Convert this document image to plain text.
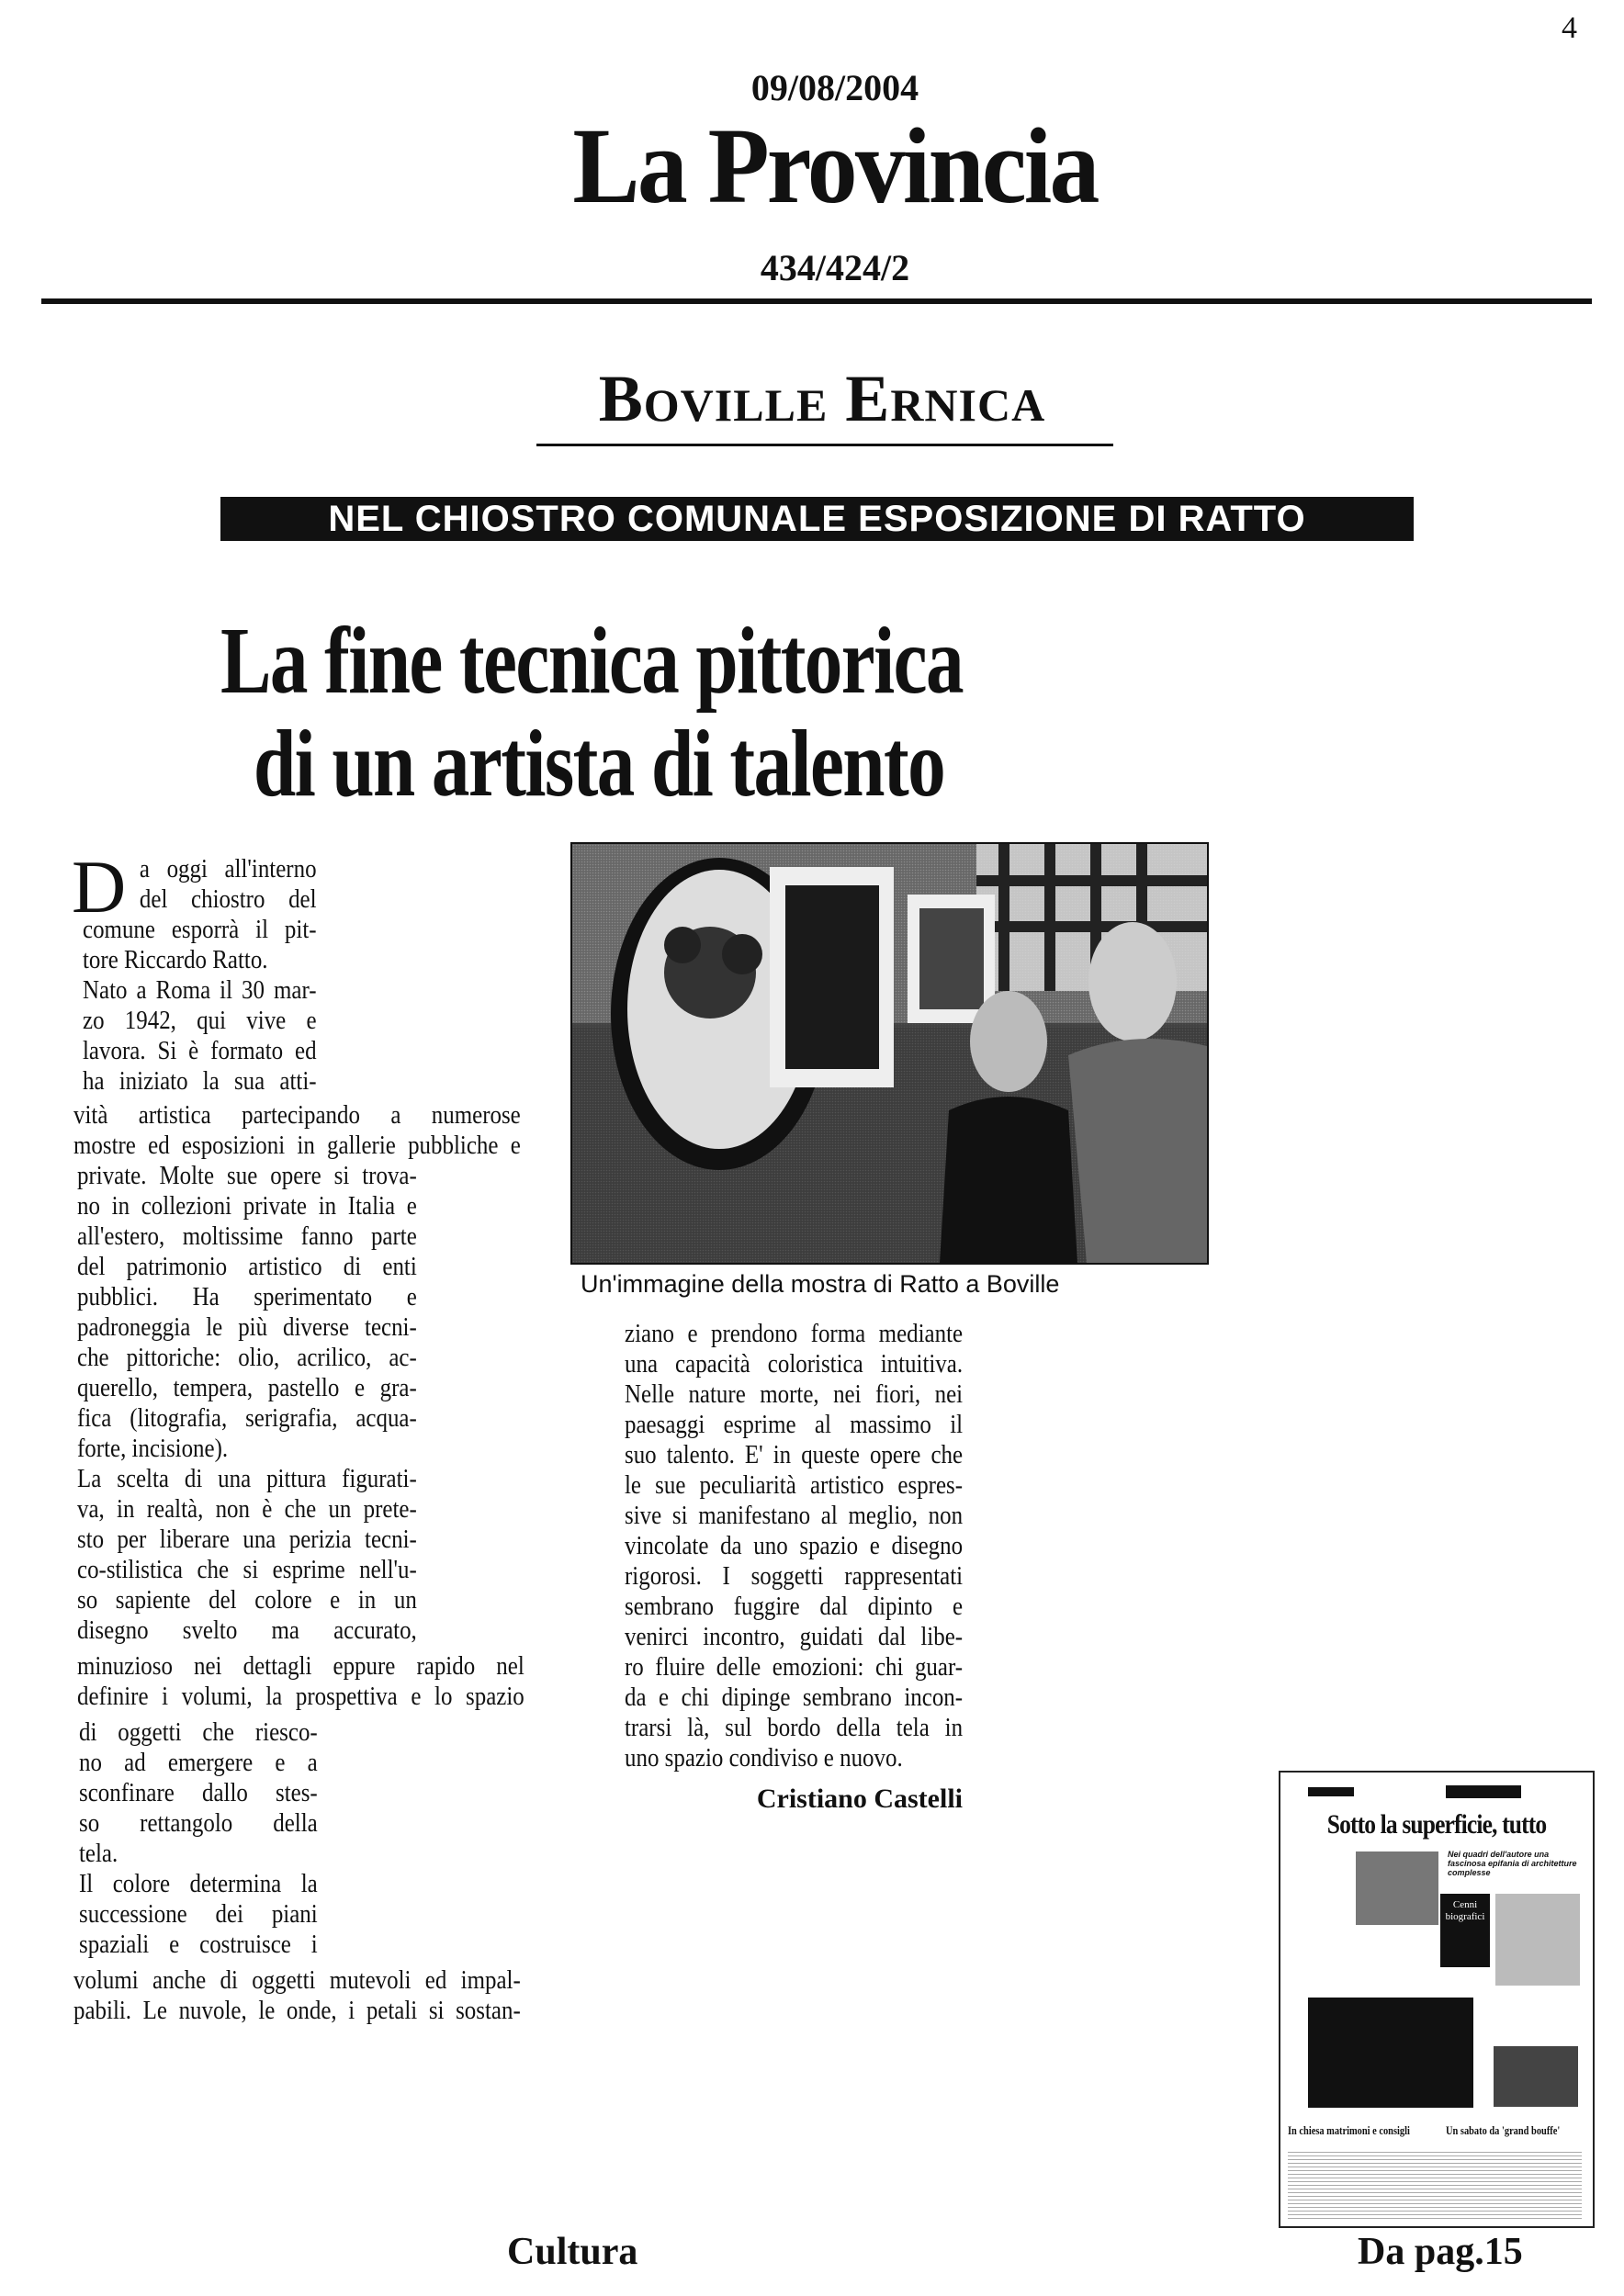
4
09/08/2004
La Provincia
434/424/2
Boville Ernica
NEL CHIOSTRO COMUNALE ESPOSIZIONE DI RATTO
La fine tecnica pittorica
di un artista di talento
D a oggi all'interno
del chiostro del
comune esporrà il pit-
tore Riccardo Ratto.
Nato a Roma il 30 mar-
zo 1942, qui vive e
lavora. Si è formato ed
ha iniziato la sua atti-
vità artistica partecipando a numerose
mostre ed esposizioni in gallerie pubbliche e
private. Molte sue opere si trova-
no in collezioni private in Italia e
all'estero, moltissime fanno parte
del patrimonio artistico di enti
pubblici. Ha sperimentato e
padroneggia le più diverse tecni-
che pittoriche: olio, acrilico, ac-
querello, tempera, pastello e gra-
fica (litografia, serigrafia, acqua-
forte, incisione).
La scelta di una pittura figurati-
va, in realtà, non è che un prete-
sto per liberare una perizia tecni-
co-stilistica che si esprime nell'u-
so sapiente del colore e in un
disegno svelto ma accurato,
minuzioso nei dettagli eppure rapido nel
definire i volumi, la prospettiva e lo spazio
di oggetti che riesco-
no ad emergere e a
sconfinare dallo stes-
so rettangolo della
tela.
Il colore determina la
successione dei piani
spaziali e costruisce i
volumi anche di oggetti mutevoli ed impal-
pabili. Le nuvole, le onde, i petali si sostan-
ziano e prendono forma mediante
una capacità coloristica intuitiva.
Nelle nature morte, nei fiori, nei
paesaggi esprime al massimo il
suo talento. E' in queste opere che
le sue peculiarità artistico espres-
sive si manifestano al meglio, non
vincolate da uno spazio e disegno
rigorosi. I soggetti rappresentati
sembrano fuggire dal dipinto e
venirci incontro, guidati dal libe-
ro fluire delle emozioni: chi guar-
da e chi dipinge sembrano incon-
trarsi là, sul bordo della tela in
uno spazio condiviso e nuovo.
Un'immagine della mostra di Ratto a Boville
Cristiano Castelli
Sotto la superficie, tutto
Nei quadri dell'autore una fascinosa epifania di architetture complesse
Cenni biografici
In chiesa matrimoni e consigli	Un sabato da 'grand bouffe'
Cultura	Da pag.15
